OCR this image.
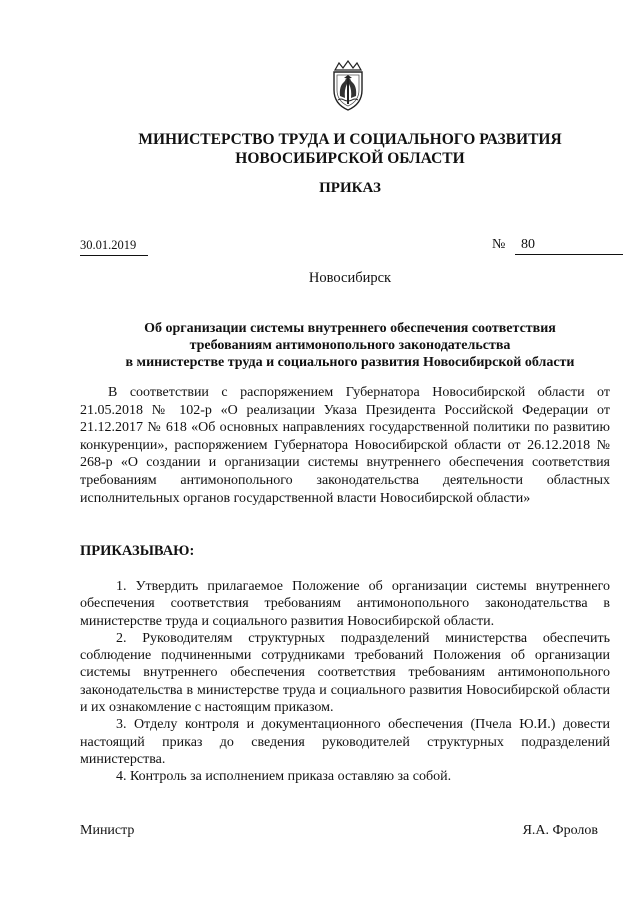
МИНИСТЕРСТВО ТРУДА И СОЦИАЛЬНОГО РАЗВИТИЯ
НОВОСИБИРСКОЙ ОБЛАСТИ
ПРИКАЗ
30.01.2019	№	80
Новосибирск
Об организации системы внутреннего обеспечения соответствия
требованиям антимонопольного законодательства
в министерстве труда и социального развития Новосибирской области

В соответствии с распоряжением Губернатора Новосибирской области от 21.05.2018 № 102-р «О реализации Указа Президента Российской Федерации от 21.12.2017 № 618 «Об основных направлениях государственной политики по развитию конкуренции», распоряжением Губернатора Новосибирской области от 26.12.2018 № 268-р «О создании и организации системы внутреннего обеспечения соответствия требованиям антимонопольного законодательства деятельности областных исполнительных органов государственной власти Новосибирской области»

ПРИКАЗЫВАЮ:

1. Утвердить прилагаемое Положение об организации системы внутреннего обеспечения соответствия требованиям антимонопольного законодательства в министерстве труда и социального развития Новосибирской области.

2. Руководителям структурных подразделений министерства обеспечить соблюдение подчиненными сотрудниками требований Положения об организации системы внутреннего обеспечения соответствия требованиям антимонопольного законодательства в министерстве труда и социального развития Новосибирской области и их ознакомление с настоящим приказом.

3. Отделу контроля и документационного обеспечения (Пчела Ю.И.) довести настоящий приказ до сведения руководителей структурных подразделений министерства.

4. Контроль за исполнением приказа оставляю за собой.

Министр	Я.А. Фролов
